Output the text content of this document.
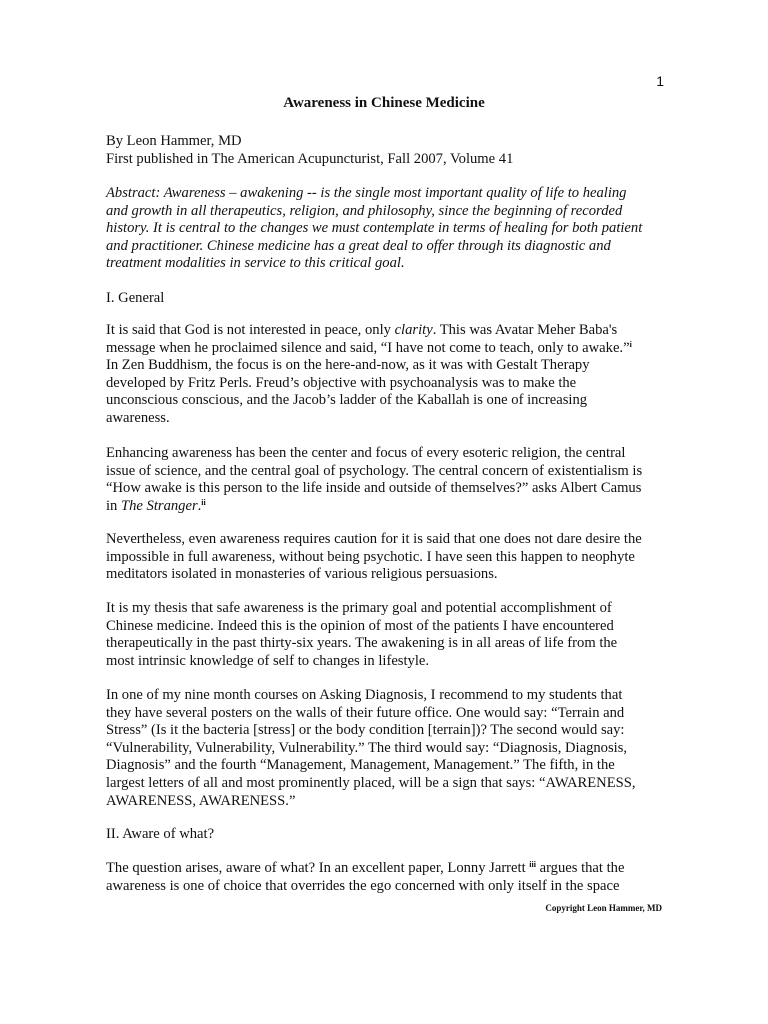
1
Awareness in Chinese Medicine
By Leon Hammer, MD
First published in The American Acupuncturist, Fall 2007, Volume 41
Abstract: Awareness – awakening -- is the single most important quality of life to healing
and growth in all therapeutics, religion, and philosophy, since the beginning of recorded
history. It is central to the changes we must contemplate in terms of healing for both patient
and practitioner. Chinese medicine has a great deal to offer through its diagnostic and
treatment modalities in service to this critical goal.
I. General
It is said that God is not interested in peace, only clarity. This was Avatar Meher Baba's
message when he proclaimed silence and said, “I have not come to teach, only to awake.”$^i$
In Zen Buddhism, the focus is on the here-and-now, as it was with Gestalt Therapy
developed by Fritz Perls. Freud’s objective with psychoanalysis was to make the
unconscious conscious, and the Jacob’s ladder of the Kaballah is one of increasing
awareness.
Enhancing awareness has been the center and focus of every esoteric religion, the central
issue of science, and the central goal of psychology. The central concern of existentialism is
“How awake is this person to the life inside and outside of themselves?” asks Albert Camus
in The Stranger.$^{ii}$
Nevertheless, even awareness requires caution for it is said that one does not dare desire the
impossible in full awareness, without being psychotic. I have seen this happen to neophyte
meditators isolated in monasteries of various religious persuasions.
It is my thesis that safe awareness is the primary goal and potential accomplishment of
Chinese medicine. Indeed this is the opinion of most of the patients I have encountered
therapeutically in the past thirty-six years. The awakening is in all areas of life from the
most intrinsic knowledge of self to changes in lifestyle.
In one of my nine month courses on Asking Diagnosis, I recommend to my students that
they have several posters on the walls of their future office. One would say: “Terrain and
Stress” (Is it the bacteria [stress] or the body condition [terrain])? The second would say:
“Vulnerability, Vulnerability, Vulnerability.” The third would say: “Diagnosis, Diagnosis,
Diagnosis” and the fourth “Management, Management, Management.” The fifth, in the
largest letters of all and most prominently placed, will be a sign that says: “AWARENESS,
AWARENESS, AWARENESS.”
II. Aware of what?
The question arises, aware of what? In an excellent paper, Lonny Jarrett $^{iii}$ argues that the
awareness is one of choice that overrides the ego concerned with only itself in the space
Copyright Leon Hammer, MD
